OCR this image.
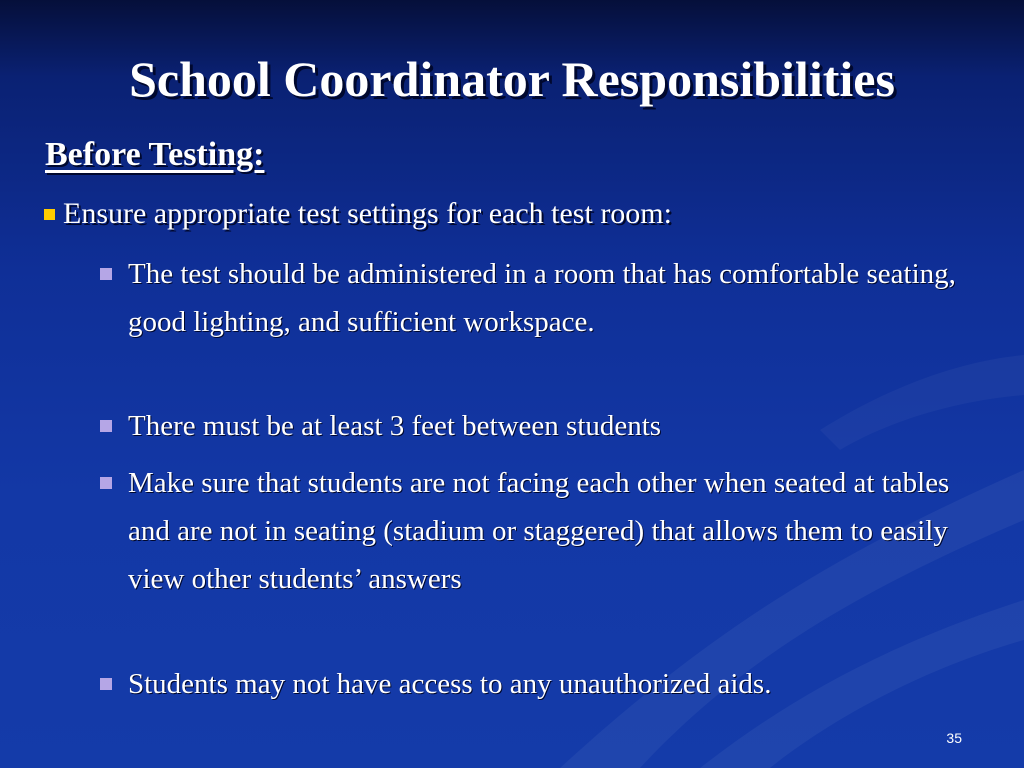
School Coordinator Responsibilities
Before Testing:
Ensure appropriate test settings for each test room:
The test should be administered in a room that has comfortable seating, good lighting, and sufficient workspace.
There must be at least 3 feet between students
Make sure that students are not facing each other when seated at tables and are not in seating (stadium or staggered) that allows them to easily view other students’ answers
Students may not have access to any unauthorized aids.
35
